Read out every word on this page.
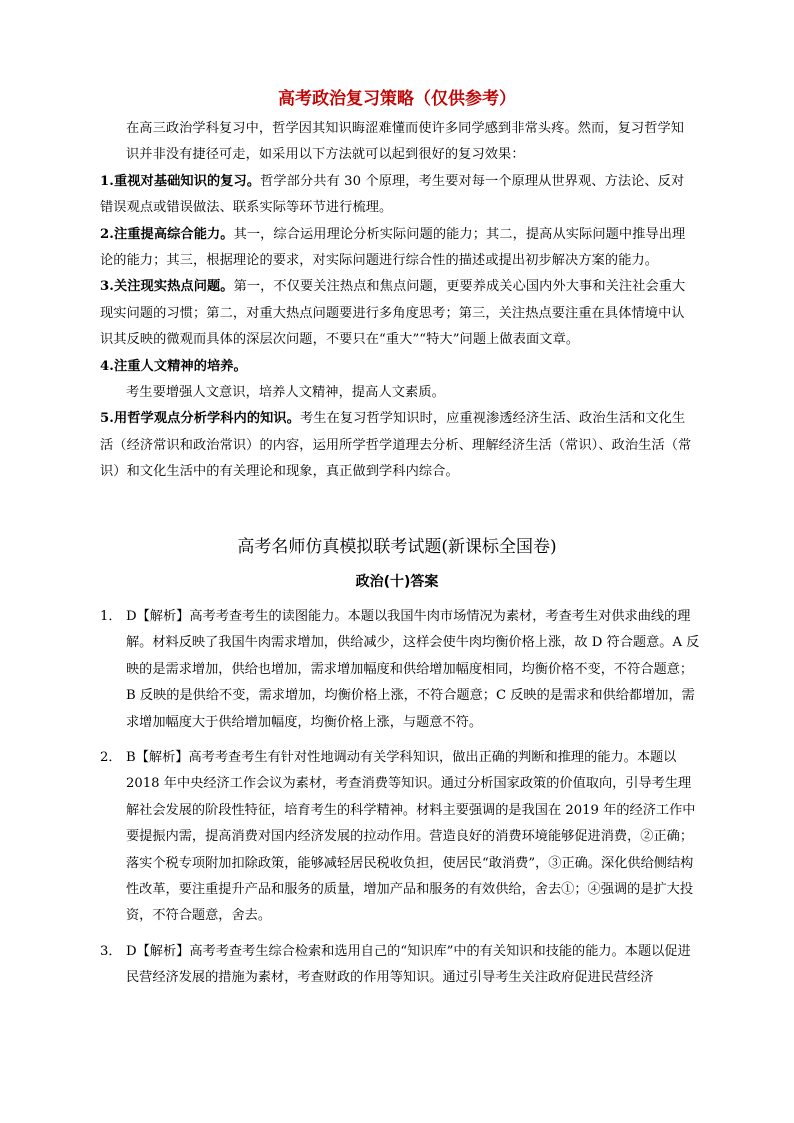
高考政治复习策略（仅供参考）
在高三政治学科复习中，哲学因其知识晦涩难懂而使许多同学感到非常头疼。然而，复习哲学知识并非没有捷径可走，如采用以下方法就可以起到很好的复习效果：
1.重视对基础知识的复习。哲学部分共有 30 个原理，考生要对每一个原理从世界观、方法论、反对错误观点或错误做法、联系实际等环节进行梳理。
2.注重提高综合能力。其一，综合运用理论分析实际问题的能力；其二，提高从实际问题中推导出理论的能力；其三，根据理论的要求，对实际问题进行综合性的描述或提出初步解决方案的能力。
3.关注现实热点问题。第一，不仅要关注热点和焦点问题，更要养成关心国内外大事和关注社会重大现实问题的习惯；第二，对重大热点问题要进行多角度思考；第三，关注热点要注重在具体情境中认识其反映的微观而具体的深层次问题，不要只在“重大”“特大”问题上做表面文章。
4.注重人文精神的培养。
考生要增强人文意识，培养人文精神，提高人文素质。
5.用哲学观点分析学科内的知识。考生在复习哲学知识时，应重视渗透经济生活、政治生活和文化生活（经济常识和政治常识）的内容，运用所学哲学道理去分析、理解经济生活（常识）、政治生活（常识）和文化生活中的有关理论和现象，真正做到学科内综合。
高考名师仿真模拟联考试题(新课标全国卷)
政治(十)答案
1． D【解析】高考考查考生的读图能力。本题以我国牛肉市场情况为素材，考查考生对供求曲线的理解。材料反映了我国牛肉需求增加，供给减少，这样会使牛肉均衡价格上涨，故 D 符合题意。A 反映的是需求增加，供给也增加，需求增加幅度和供给增加幅度相同，均衡价格不变，不符合题意；B 反映的是供给不变，需求增加，均衡价格上涨，不符合题意；C 反映的是需求和供给都增加，需求增加幅度大于供给增加幅度，均衡价格上涨，与题意不符。
2． B【解析】高考考查考生有针对性地调动有关学科知识，做出正确的判断和推理的能力。本题以 2018 年中央经济工作会议为素材，考查消费等知识。通过分析国家政策的价值取向，引导考生理解社会发展的阶段性特征，培育考生的科学精神。材料主要强调的是我国在 2019 年的经济工作中要提振内需，提高消费对国内经济发展的拉动作用。营造良好的消费环境能够促进消费，②正确；落实个税专项附加扣除政策，能够减轻居民税收负担，使居民“敢消费”，③正确。深化供给侧结构性改革，要注重提升产品和服务的质量，增加产品和服务的有效供给，舍去①；④强调的是扩大投资，不符合题意，舍去。
3． D【解析】高考考查考生综合检索和选用自己的“知识库”中的有关知识和技能的能力。本题以促进民营经济发展的措施为素材，考查财政的作用等知识。通过引导考生关注政府促进民营经济
